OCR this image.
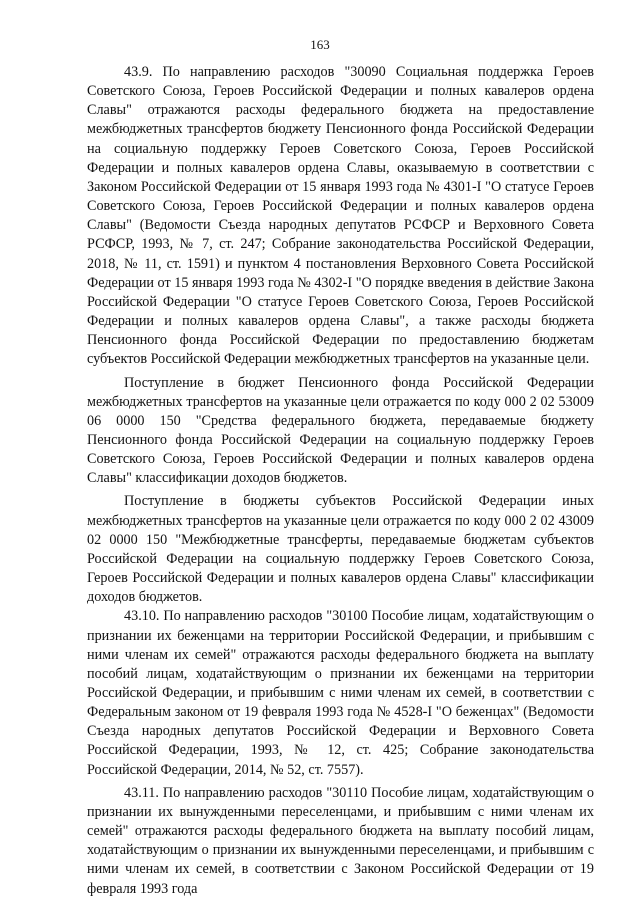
163

43.9. По направлению расходов "30090 Социальная поддержка Героев Советского Союза, Героев Российской Федерации и полных кавалеров ордена Славы" отражаются расходы федерального бюджета на предоставление межбюджетных трансфертов бюджету Пенсионного фонда Российской Федерации на социальную поддержку Героев Советского Союза, Героев Российской Федерации и полных кавалеров ордена Славы, оказываемую в соответствии с Законом Российской Федерации от 15 января 1993 года № 4301-I "О статусе Героев Советского Союза, Героев Российской Федерации и полных кавалеров ордена Славы" (Ведомости Съезда народных депутатов РСФСР и Верховного Совета РСФСР, 1993, № 7, ст. 247; Собрание законодательства Российской Федерации, 2018, № 11, ст. 1591) и пунктом 4 постановления Верховного Совета Российской Федерации от 15 января 1993 года № 4302-I "О порядке введения в действие Закона Российской Федерации "О статусе Героев Советского Союза, Героев Российской Федерации и полных кавалеров ордена Славы", а также расходы бюджета Пенсионного фонда Российской Федерации по предоставлению бюджетам субъектов Российской Федерации межбюджетных трансфертов на указанные цели.

Поступление в бюджет Пенсионного фонда Российской Федерации межбюджетных трансфертов на указанные цели отражается по коду 000 2 02 53009 06 0000 150 "Средства федерального бюджета, передаваемые бюджету Пенсионного фонда Российской Федерации на социальную поддержку Героев Советского Союза, Героев Российской Федерации и полных кавалеров ордена Славы" классификации доходов бюджетов.

Поступление в бюджеты субъектов Российской Федерации иных межбюджетных трансфертов на указанные цели отражается по коду 000 2 02 43009 02 0000 150 "Межбюджетные трансферты, передаваемые бюджетам субъектов Российской Федерации на социальную поддержку Героев Советского Союза, Героев Российской Федерации и полных кавалеров ордена Славы" классификации доходов бюджетов.

43.10. По направлению расходов "30100 Пособие лицам, ходатайствующим о признании их беженцами на территории Российской Федерации, и прибывшим с ними членам их семей" отражаются расходы федерального бюджета на выплату пособий лицам, ходатайствующим о признании их беженцами на территории Российской Федерации, и прибывшим с ними членам их семей, в соответствии с Федеральным законом от 19 февраля 1993 года № 4528-I "О беженцах" (Ведомости Съезда народных депутатов Российской Федерации и Верховного Совета Российской Федерации, 1993, № 12, ст. 425; Собрание законодательства Российской Федерации, 2014, № 52, ст. 7557).

43.11. По направлению расходов "30110 Пособие лицам, ходатайствующим о признании их вынужденными переселенцами, и прибывшим с ними членам их семей" отражаются расходы федерального бюджета на выплату пособий лицам, ходатайствующим о признании их вынужденными переселенцами, и прибывшим с ними членам их семей, в соответствии с Законом Российской Федерации от 19 февраля 1993 года
